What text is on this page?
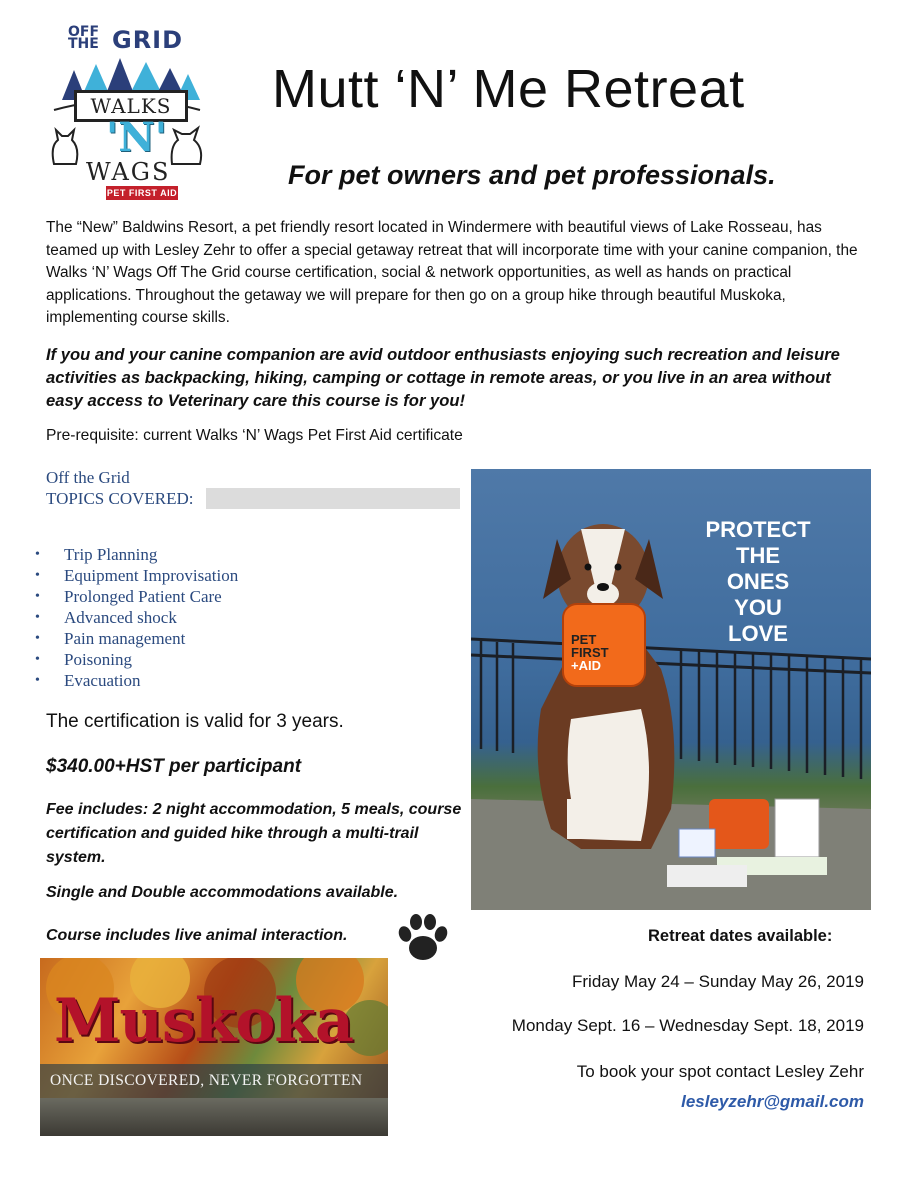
OFF THE GRID
WALKS
'N'
WAGS
PET FIRST AID
Mutt ‘N’ Me Retreat
For pet owners and pet professionals.
The “New” Baldwins Resort, a pet friendly resort located in Windermere with beautiful views of Lake Rosseau, has teamed up with Lesley Zehr to offer a special getaway retreat that will incorporate time with your canine companion, the Walks ‘N’ Wags Off The Grid course certification, social & network opportunities, as well as hands on practical applications. Throughout the getaway we will prepare for then go on a group hike through beautiful Muskoka, implementing course skills.
If you and your canine companion are avid outdoor enthusiasts enjoying such recreation and leisure activities as backpacking, hiking, camping or cottage in remote areas, or you live in an area without easy access to Veterinary care this course is for you!
Pre-requisite: current Walks ‘N’ Wags Pet First Aid certificate
Off the Grid
TOPICS COVERED:
• Trip Planning
• Equipment Improvisation
• Prolonged Patient Care
• Advanced shock
• Pain management
• Poisoning
• Evacuation
The certification is valid for 3 years.
$340.00+HST per participant
Fee includes: 2 night accommodation, 5 meals, course certification and guided hike through a multi-trail system.
Single and Double accommodations available.
Course includes live animal interaction.
PET
FIRST
+AID
PROTECT
THE
ONES
YOU
LOVE
Muskoka
ONCE DISCOVERED, NEVER FORGOTTEN
Retreat dates available:
Friday May 24 – Sunday May 26, 2019
Monday Sept. 16 – Wednesday Sept. 18, 2019
To book your spot contact Lesley Zehr
lesleyzehr@gmail.com
